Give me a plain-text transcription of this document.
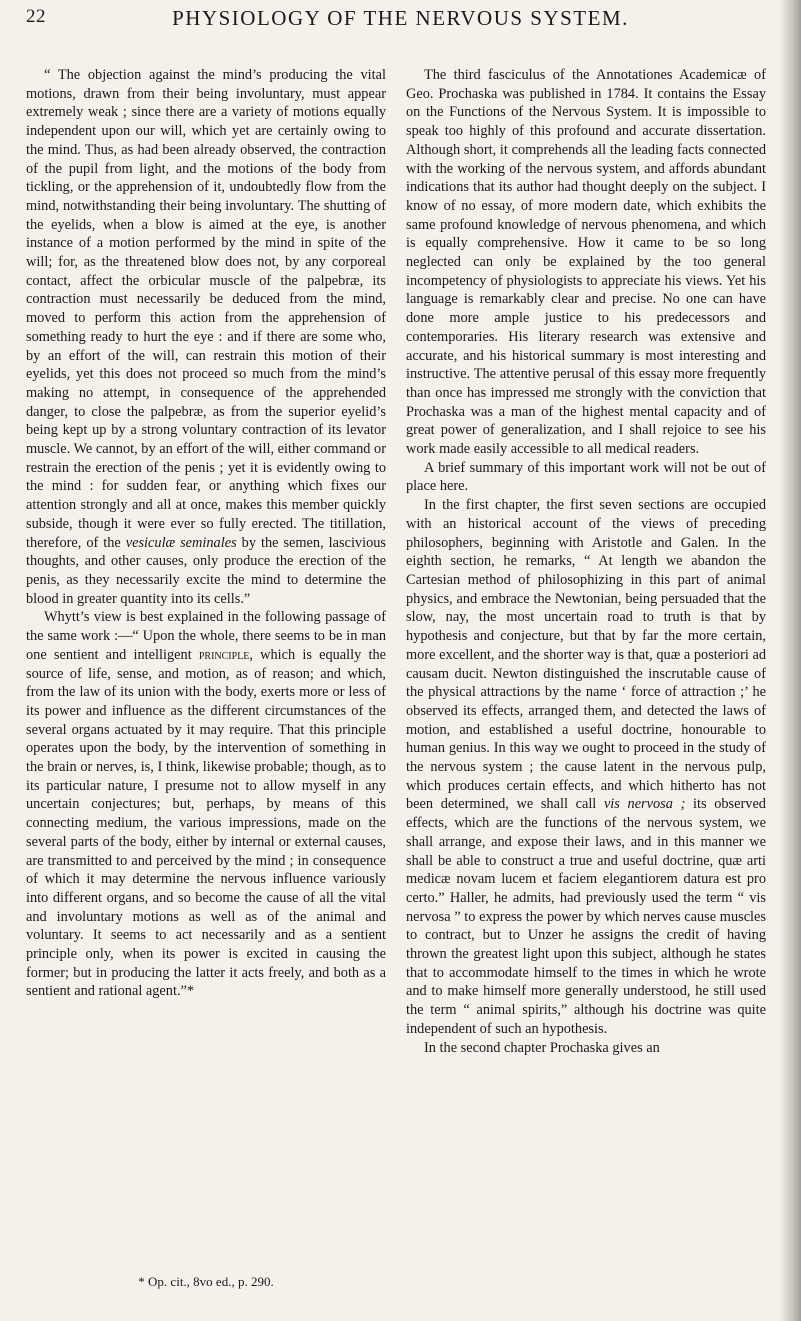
22	PHYSIOLOGY OF THE NERVOUS SYSTEM.

“ The objection against the mind’s producing the vital motions, drawn from their being involuntary, must appear extremely weak ; since there are a variety of motions equally independent upon our will, which yet are certainly owing to the mind. Thus, as had been already observed, the contraction of the pupil from light, and the motions of the body from tickling, or the apprehension of it, undoubtedly flow from the mind, notwithstanding their being involuntary. The shutting of the eyelids, when a blow is aimed at the eye, is another instance of a motion performed by the mind in spite of the will; for, as the threatened blow does not, by any corporeal contact, affect the orbicular muscle of the palpebræ, its contraction must necessarily be deduced from the mind, moved to perform this action from the apprehension of something ready to hurt the eye : and if there are some who, by an effort of the will, can restrain this motion of their eyelids, yet this does not proceed so much from the mind’s making no attempt, in consequence of the apprehended danger, to close the palpebræ, as from the superior eyelid’s being kept up by a strong voluntary contraction of its levator muscle. We cannot, by an effort of the will, either command or restrain the erection of the penis ; yet it is evidently owing to the mind : for sudden fear, or anything which fixes our attention strongly and all at once, makes this member quickly subside, though it were ever so fully erected. The titillation, therefore, of the vesiculæ seminales by the semen, lascivious thoughts, and other causes, only produce the erection of the penis, as they necessarily excite the mind to determine the blood in greater quantity into its cells.”

Whytt’s view is best explained in the following passage of the same work :—“ Upon the whole, there seems to be in man one sentient and intelligent principle, which is equally the source of life, sense, and motion, as of reason; and which, from the law of its union with the body, exerts more or less of its power and influence as the different circumstances of the several organs actuated by it may require. That this principle operates upon the body, by the intervention of something in the brain or nerves, is, I think, likewise probable; though, as to its particular nature, I presume not to allow myself in any uncertain conjectures; but, perhaps, by means of this connecting medium, the various impressions, made on the several parts of the body, either by internal or external causes, are transmitted to and perceived by the mind ; in consequence of which it may determine the nervous influence variously into different organs, and so become the cause of all the vital and involuntary motions as well as of the animal and voluntary. It seems to act necessarily and as a sentient principle only, when its power is excited in causing the former; but in producing the latter it acts freely, and both as a sentient and rational agent.”*

The third fasciculus of the Annotationes Academicæ of Geo. Prochaska was published in 1784. It contains the Essay on the Functions of the Nervous System. It is impossible to speak too highly of this profound and accurate dissertation. Although short, it comprehends all the leading facts connected with the working of the nervous system, and affords abundant indications that its author had thought deeply on the subject. I know of no essay, of more modern date, which exhibits the same profound knowledge of nervous phenomena, and which is equally comprehensive. How it came to be so long neglected can only be explained by the too general incompetency of physiologists to appreciate his views. Yet his language is remarkably clear and precise. No one can have done more ample justice to his predecessors and contemporaries. His literary research was extensive and accurate, and his historical summary is most interesting and instructive. The attentive perusal of this essay more frequently than once has impressed me strongly with the conviction that Prochaska was a man of the highest mental capacity and of great power of generalization, and I shall rejoice to see his work made easily accessible to all medical readers.

A brief summary of this important work will not be out of place here.

In the first chapter, the first seven sections are occupied with an historical account of the views of preceding philosophers, beginning with Aristotle and Galen. In the eighth section, he remarks, “ At length we abandon the Cartesian method of philosophizing in this part of animal physics, and embrace the Newtonian, being persuaded that the slow, nay, the most uncertain road to truth is that by hypothesis and conjecture, but that by far the more certain, more excellent, and the shorter way is that, quæ a posteriori ad causam ducit. Newton distinguished the inscrutable cause of the physical attractions by the name ‘ force of attraction ;’ he observed its effects, arranged them, and detected the laws of motion, and established a useful doctrine, honourable to human genius. In this way we ought to proceed in the study of the nervous system ; the cause latent in the nervous pulp, which produces certain effects, and which hitherto has not been determined, we shall call vis nervosa ; its observed effects, which are the functions of the nervous system, we shall arrange, and expose their laws, and in this manner we shall be able to construct a true and useful doctrine, quæ arti medicæ novam lucem et faciem elegantiorem datura est pro certo.” Haller, he admits, had previously used the term “ vis nervosa ” to express the power by which nerves cause muscles to contract, but to Unzer he assigns the credit of having thrown the greatest light upon this subject, although he states that to accommodate himself to the times in which he wrote and to make himself more generally understood, he still used the term “ animal spirits,” although his doctrine was quite independent of such an hypothesis.

In the second chapter Prochaska gives an

* Op. cit., 8vo ed., p. 290.
